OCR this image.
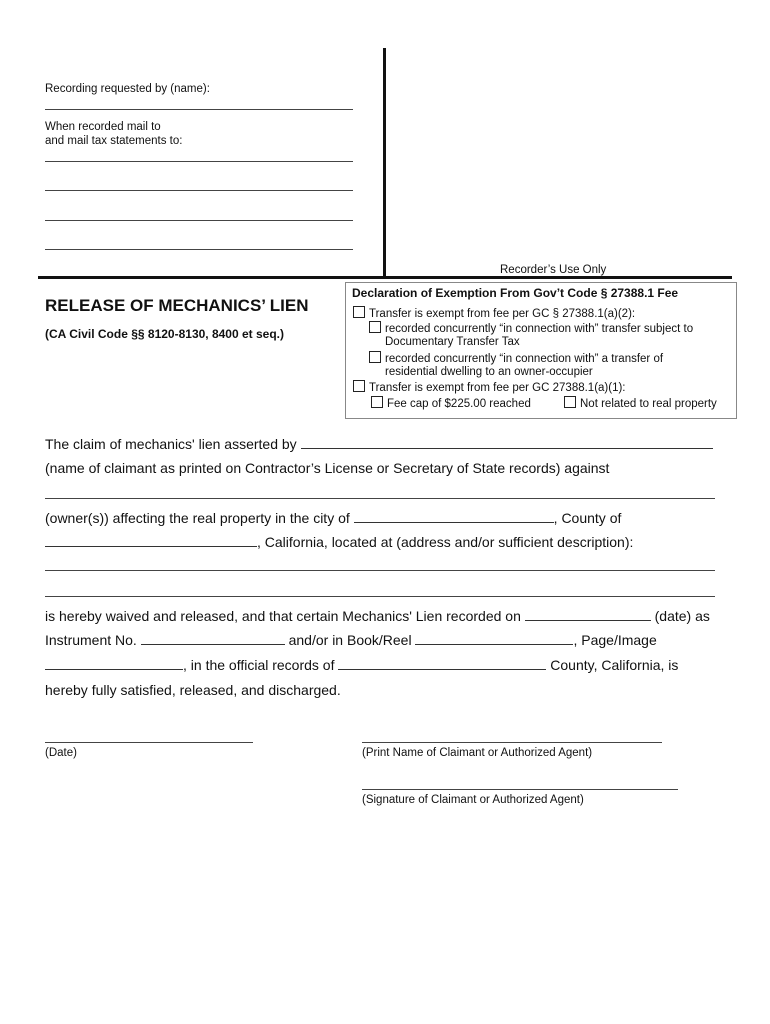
Recording requested by (name):
When recorded mail to
and mail tax statements to:
Recorder’s Use Only
RELEASE OF MECHANICS’ LIEN
(CA Civil Code §§ 8120-8130, 8400 et seq.)
Declaration of Exemption From Gov’t Code § 27388.1 Fee
Transfer is exempt from fee per GC § 27388.1(a)(2):
recorded concurrently “in connection with” transfer subject to
Documentary Transfer Tax
recorded concurrently “in connection with” a transfer of
residential dwelling to an owner-occupier
Transfer is exempt from fee per GC 27388.1(a)(1):
Fee cap of $225.00 reached	Not related to real property
The claim of mechanics' lien asserted by
(name of claimant as printed on Contractor’s License or Secretary of State records) against
(owner(s)) affecting the real property in the city of	, County of
, California, located at (address and/or sufficient description):
is hereby waived and released, and that certain Mechanics' Lien recorded on	(date) as
Instrument No.	and/or in Book/Reel	, Page/Image
, in the official records of	County, California, is
hereby fully satisfied, released, and discharged.
(Date)	(Print Name of Claimant or Authorized Agent)
(Signature of Claimant or Authorized Agent)
